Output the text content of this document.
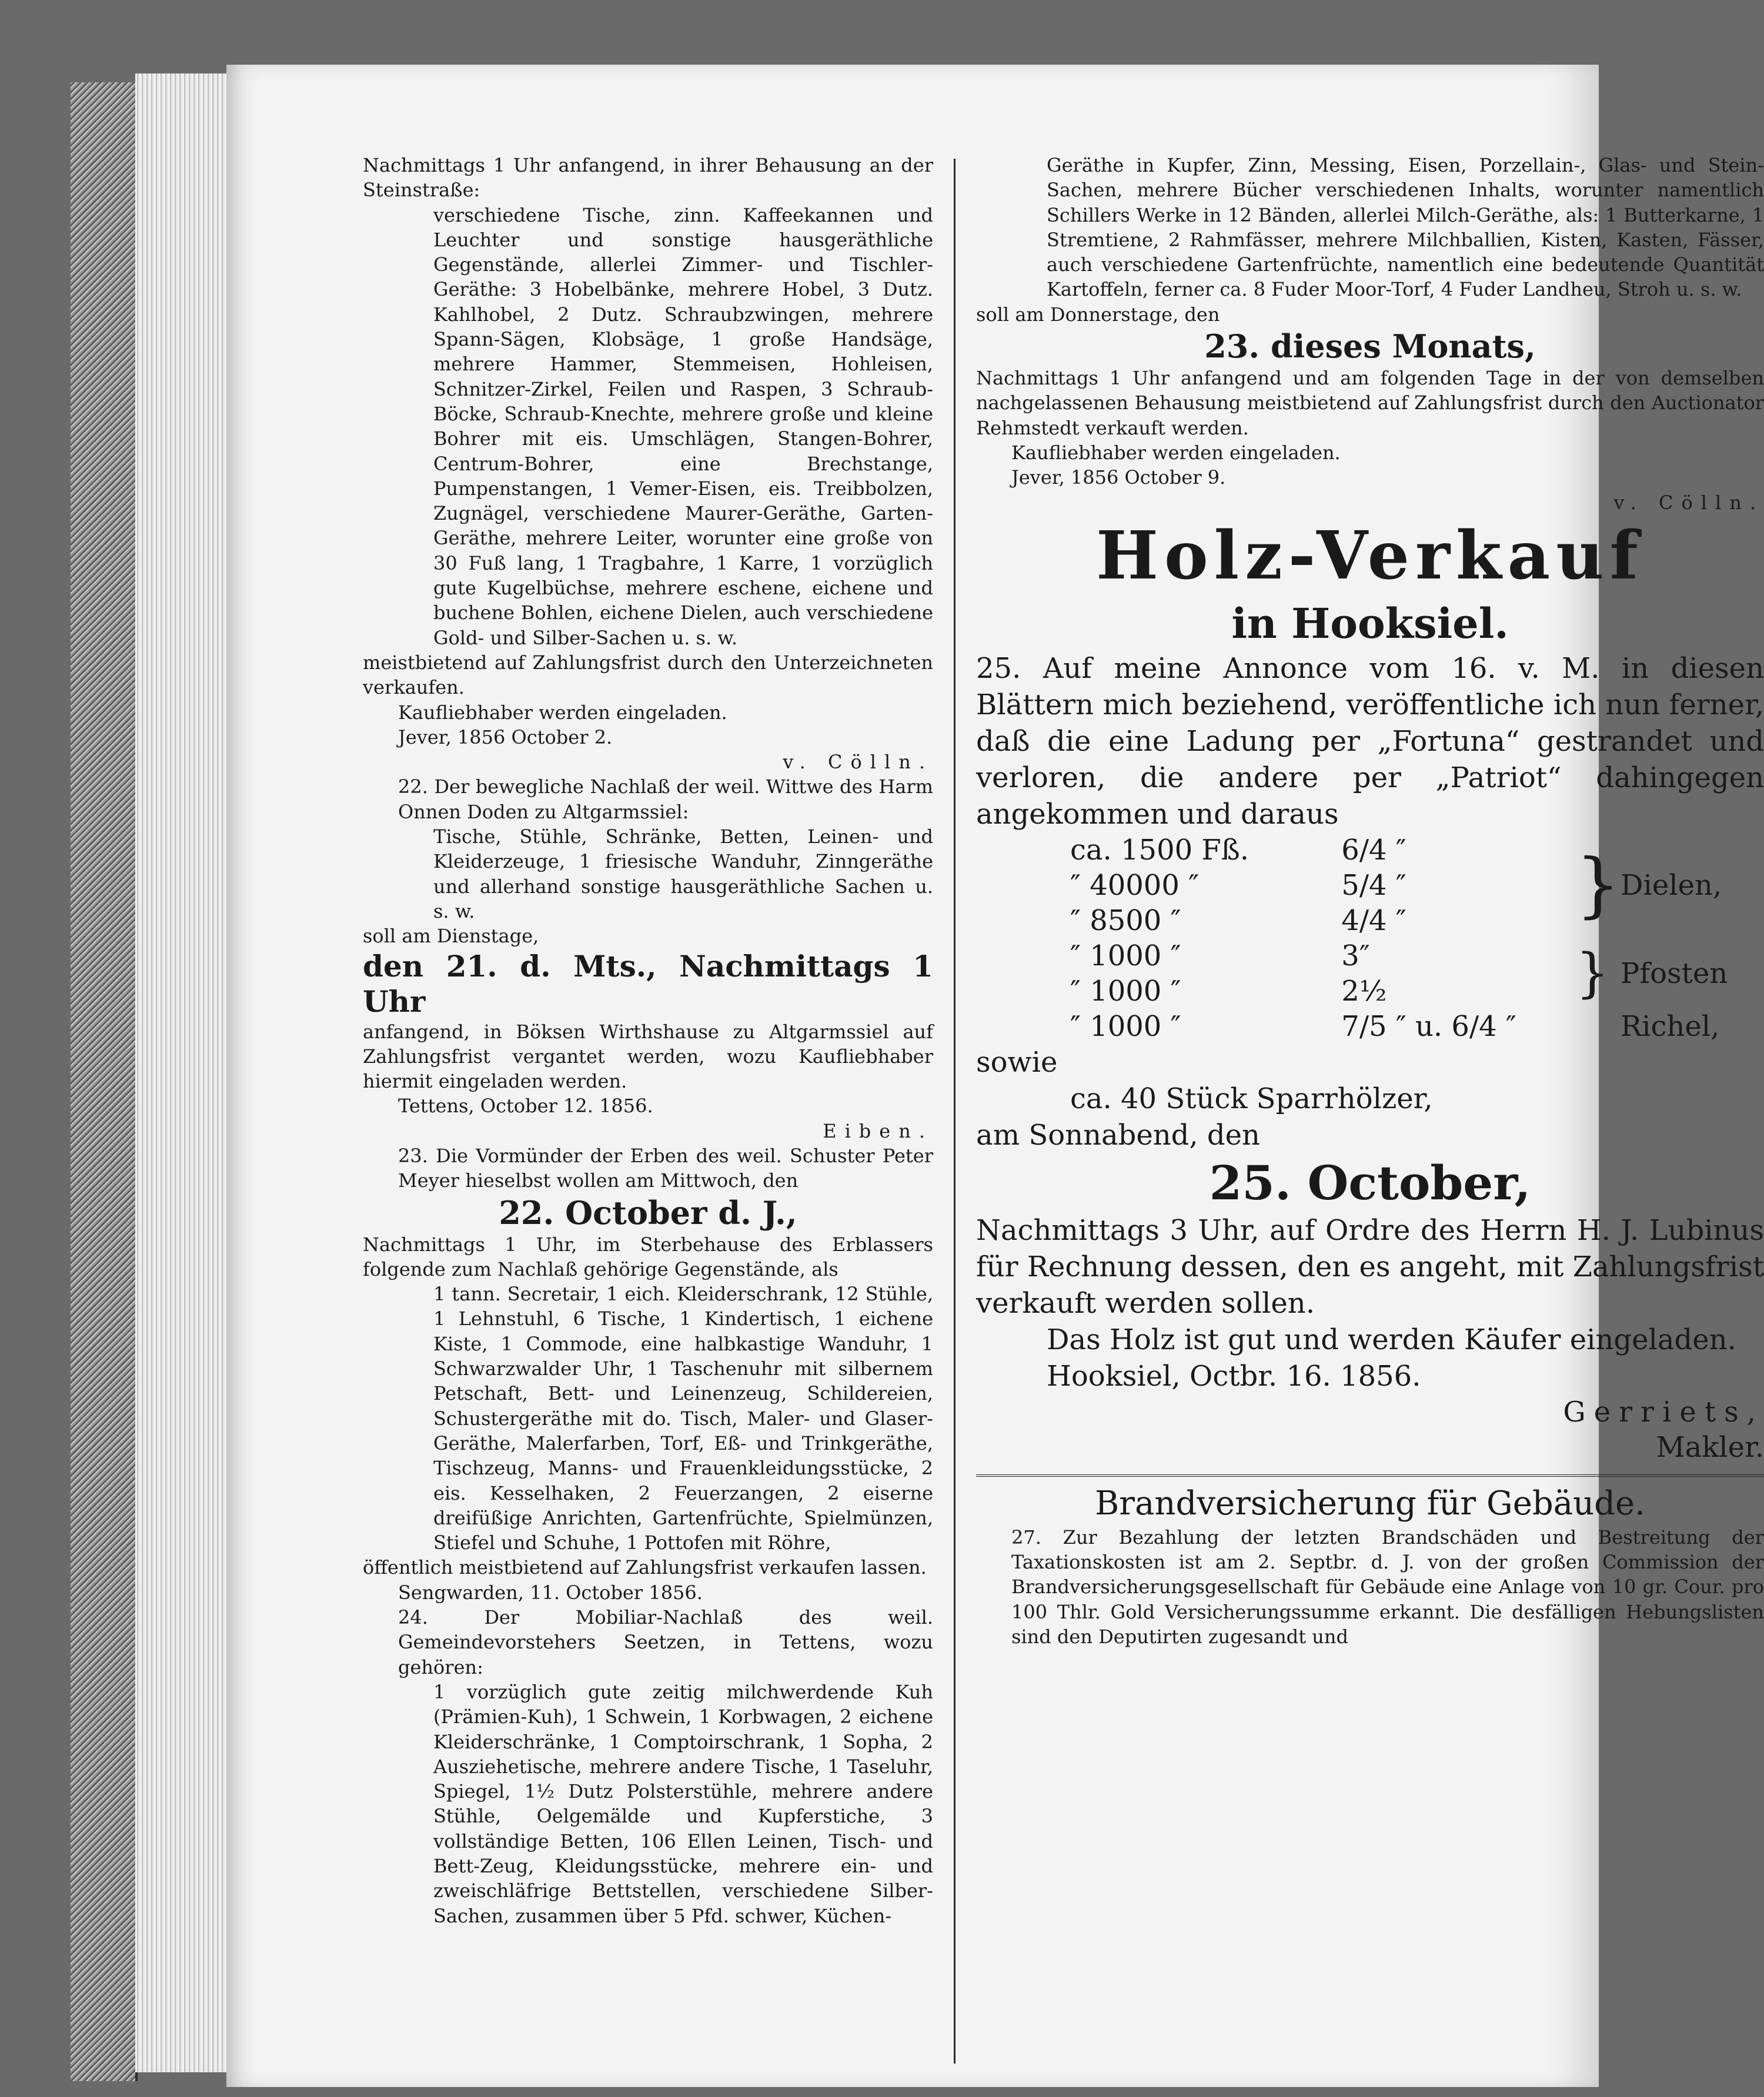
Nachmittags 1 Uhr anfangend, in ihrer Behausung an der Steinstraße:

verschiedene Tische, zinn. Kaffeekannen und Leuchter und sonstige hausgeräthliche Gegenstände, allerlei Zimmer- und Tischler-Geräthe: 3 Hobelbänke, mehrere Hobel, 3 Dutz. Kahlhobel, 2 Dutz. Schraubzwingen, mehrere Spann-Sägen, Klobsäge, 1 große Handsäge, mehrere Hammer, Stemmeisen, Hohleisen, Schnitzer-Zirkel, Feilen und Raspen, 3 Schraub-Böcke, Schraub-Knechte, mehrere große und kleine Bohrer mit eis. Umschlägen, Stangen-Bohrer, Centrum-Bohrer, eine Brechstange, Pumpenstangen, 1 Vemer-Eisen, eis. Treibbolzen, Zugnägel, verschiedene Maurer-Geräthe, Garten-Geräthe, mehrere Leiter, worunter eine große von 30 Fuß lang, 1 Tragbahre, 1 Karre, 1 vorzüglich gute Kugelbüchse, mehrere eschene, eichene und buchene Bohlen, eichene Dielen, auch verschiedene Gold- und Silber-Sachen u. s. w.

meistbietend auf Zahlungsfrist durch den Unterzeichneten verkaufen.

Kaufliebhaber werden eingeladen.

Jever, 1856 October 2.

v. Cölln.

22. Der bewegliche Nachlaß der weil. Wittwe des Harm Onnen Doden zu Altgarmssiel:

Tische, Stühle, Schränke, Betten, Leinen- und Kleiderzeuge, 1 friesische Wanduhr, Zinngeräthe und allerhand sonstige hausgeräthliche Sachen u. s. w.

soll am Dienstage,

den 21. d. Mts., Nachmittags 1 Uhr

anfangend, in Böksen Wirthshause zu Altgarmssiel auf Zahlungsfrist vergantet werden, wozu Kaufliebhaber hiermit eingeladen werden.

Tettens, October 12. 1856.

Eiben.

23. Die Vormünder der Erben des weil. Schuster Peter Meyer hieselbst wollen am Mittwoch, den

22. October d. J.,

Nachmittags 1 Uhr, im Sterbehause des Erblassers folgende zum Nachlaß gehörige Gegenstände, als

1 tann. Secretair, 1 eich. Kleiderschrank, 12 Stühle, 1 Lehnstuhl, 6 Tische, 1 Kindertisch, 1 eichene Kiste, 1 Commode, eine halbkastige Wanduhr, 1 Schwarzwalder Uhr, 1 Taschenuhr mit silbernem Petschaft, Bett- und Leinenzeug, Schildereien, Schustergeräthe mit do. Tisch, Maler- und Glaser-Geräthe, Malerfarben, Torf, Eß- und Trinkgeräthe, Tischzeug, Manns- und Frauenkleidungsstücke, 2 eis. Kesselhaken, 2 Feuerzangen, 2 eiserne dreifüßige Anrichten, Gartenfrüchte, Spielmünzen, Stiefel und Schuhe, 1 Pottofen mit Röhre,

öffentlich meistbietend auf Zahlungsfrist verkaufen lassen.

Sengwarden, 11. October 1856.

24. Der Mobiliar-Nachlaß des weil. Gemeindevorstehers Seetzen, in Tettens, wozu gehören:

1 vorzüglich gute zeitig milchwerdende Kuh (Prämien-Kuh), 1 Schwein, 1 Korbwagen, 2 eichene Kleiderschränke, 1 Comptoirschrank, 1 Sopha, 2 Ausziehetische, mehrere andere Tische, 1 Taseluhr, Spiegel, 1½ Dutz Polsterstühle, mehrere andere Stühle, Oelgemälde und Kupferstiche, 3 vollständige Betten, 106 Ellen Leinen, Tisch- und Bett-Zeug, Kleidungsstücke, mehrere ein- und zweischläfrige Bettstellen, verschiedene Silber-Sachen, zusammen über 5 Pfd. schwer, Küchen-

Geräthe in Kupfer, Zinn, Messing, Eisen, Porzellain-, Glas- und Stein-Sachen, mehrere Bücher verschiedenen Inhalts, worunter namentlich Schillers Werke in 12 Bänden, allerlei Milch-Geräthe, als: 1 Butterkarne, 1 Stremtiene, 2 Rahmfässer, mehrere Milchballien, Kisten, Kasten, Fässer, auch verschiedene Gartenfrüchte, namentlich eine bedeutende Quantität Kartoffeln, ferner ca. 8 Fuder Moor-Torf, 4 Fuder Landheu, Stroh u. s. w.

soll am Donnerstage, den

23. dieses Monats,

Nachmittags 1 Uhr anfangend und am folgenden Tage in der von demselben nachgelassenen Behausung meistbietend auf Zahlungsfrist durch den Auctionator Rehmstedt verkauft werden.

Kaufliebhaber werden eingeladen.

Jever, 1856 October 9.

v. Cölln.

Holz-Verkauf

in Hooksiel.

25. Auf meine Annonce vom 16. v. M. in diesen Blättern mich beziehend, veröffentliche ich nun ferner, daß die eine Ladung per „Fortuna“ gestrandet und verloren, die andere per „Patriot“ dahingegen angekommen und daraus

ca. 1500 Fß.	6/4 ″	}	Dielen,
″ 40000 ″	5/4 ″		
″ 8500 ″	4/4 ″		
″ 1000 ″	3″	}	Pfosten
″ 1000 ″	2½		
″ 1000 ″	7/5 ″ u. 6/4 ″		Richel,

sowie

ca. 40 Stück Sparrhölzer,

am Sonnabend, den

25. October,

Nachmittags 3 Uhr, auf Ordre des Herrn H. J. Lubinus für Rechnung dessen, den es angeht, mit Zahlungsfrist verkauft werden sollen.

Das Holz ist gut und werden Käufer eingeladen.

Hooksiel, Octbr. 16. 1856.

Gerriets,

Makler.

Brandversicherung für Gebäude.

27. Zur Bezahlung der letzten Brandschäden und Bestreitung der Taxationskosten ist am 2. Septbr. d. J. von der großen Commission der Brandversicherungsgesellschaft für Gebäude eine Anlage von 10 gr. Cour. pro 100 Thlr. Gold Versicherungssumme erkannt. Die desfälligen Hebungslisten sind den Deputirten zugesandt und
